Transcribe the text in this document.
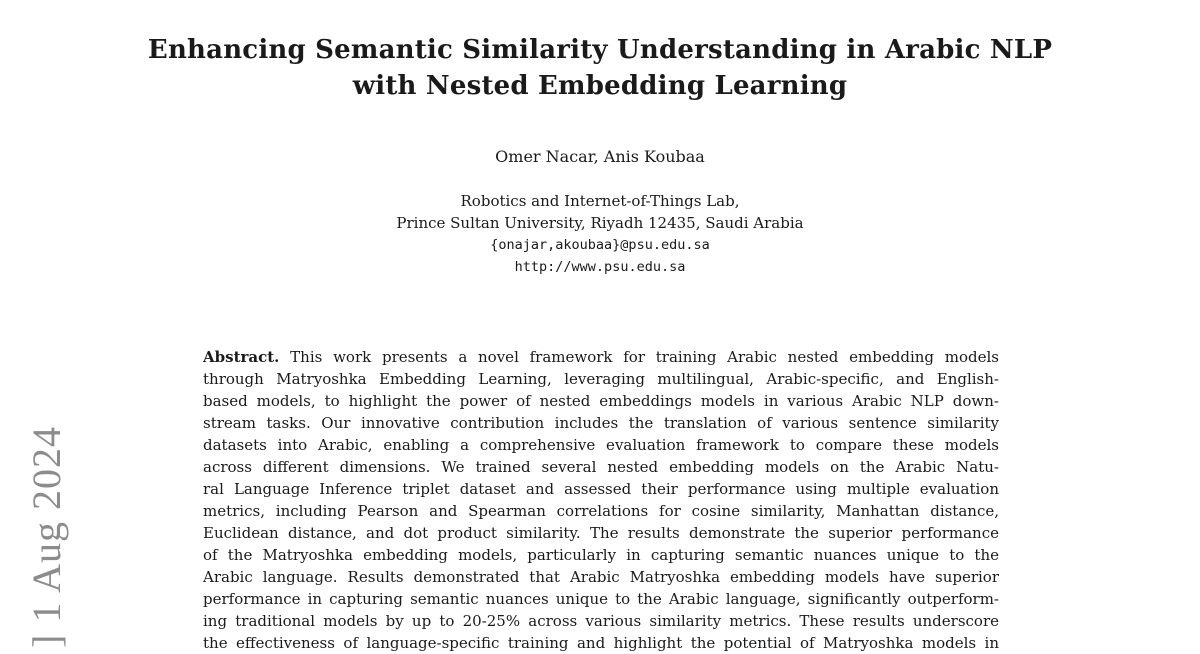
Enhancing Semantic Similarity Understanding in Arabic NLP
with Nested Embedding Learning
Omer Nacar, Anis Koubaa
Robotics and Internet-of-Things Lab,
Prince Sultan University, Riyadh 12435, Saudi Arabia
{onajar,akoubaa}@psu.edu.sa
http://www.psu.edu.sa
Abstract. This work presents a novel framework for training Arabic nested embedding models
through Matryoshka Embedding Learning, leveraging multilingual, Arabic-specific, and English-
based models, to highlight the power of nested embeddings models in various Arabic NLP down-
stream tasks. Our innovative contribution includes the translation of various sentence similarity
datasets into Arabic, enabling a comprehensive evaluation framework to compare these models
across different dimensions. We trained several nested embedding models on the Arabic Natu-
ral Language Inference triplet dataset and assessed their performance using multiple evaluation
metrics, including Pearson and Spearman correlations for cosine similarity, Manhattan distance,
Euclidean distance, and dot product similarity. The results demonstrate the superior performance
of the Matryoshka embedding models, particularly in capturing semantic nuances unique to the
Arabic language. Results demonstrated that Arabic Matryoshka embedding models have superior
performance in capturing semantic nuances unique to the Arabic language, significantly outperform-
ing traditional models by up to 20-25% across various similarity metrics. These results underscore
the effectiveness of language-specific training and highlight the potential of Matryoshka models in
] 1 Aug 2024
